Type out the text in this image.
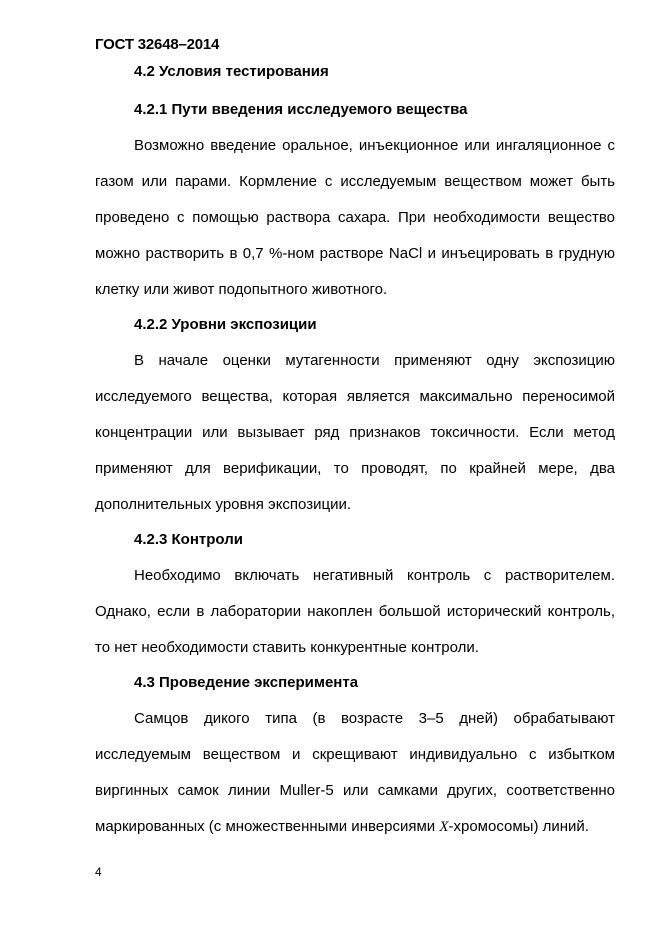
ГОСТ 32648–2014

4.2 Условия тестирования

4.2.1 Пути введения исследуемого вещества

Возможно введение оральное, инъекционное или ингаляционное с газом или парами. Кормление с исследуемым веществом может быть проведено с помощью раствора сахара. При необходимости вещество можно растворить в 0,7 %-ном растворе NaCl и инъецировать в грудную клетку или живот подопытного животного.

4.2.2 Уровни экспозиции

В начале оценки мутагенности применяют одну экспозицию исследуемого вещества, которая является максимально переносимой концентрации или вызывает ряд признаков токсичности. Если метод применяют для верификации, то проводят, по крайней мере, два дополнительных уровня экспозиции.

4.2.3 Контроли

Необходимо включать негативный контроль с растворителем. Однако, если в лаборатории накоплен большой исторический контроль, то нет необходимости ставить конкурентные контроли.

4.3 Проведение эксперимента

Самцов дикого типа (в возрасте 3–5 дней) обрабатывают исследуемым веществом и скрещивают индивидуально с избытком виргинных самок линии Muller-5 или самками других, соответственно маркированных (с множественными инверсиями X-хромосомы) линий.

4
